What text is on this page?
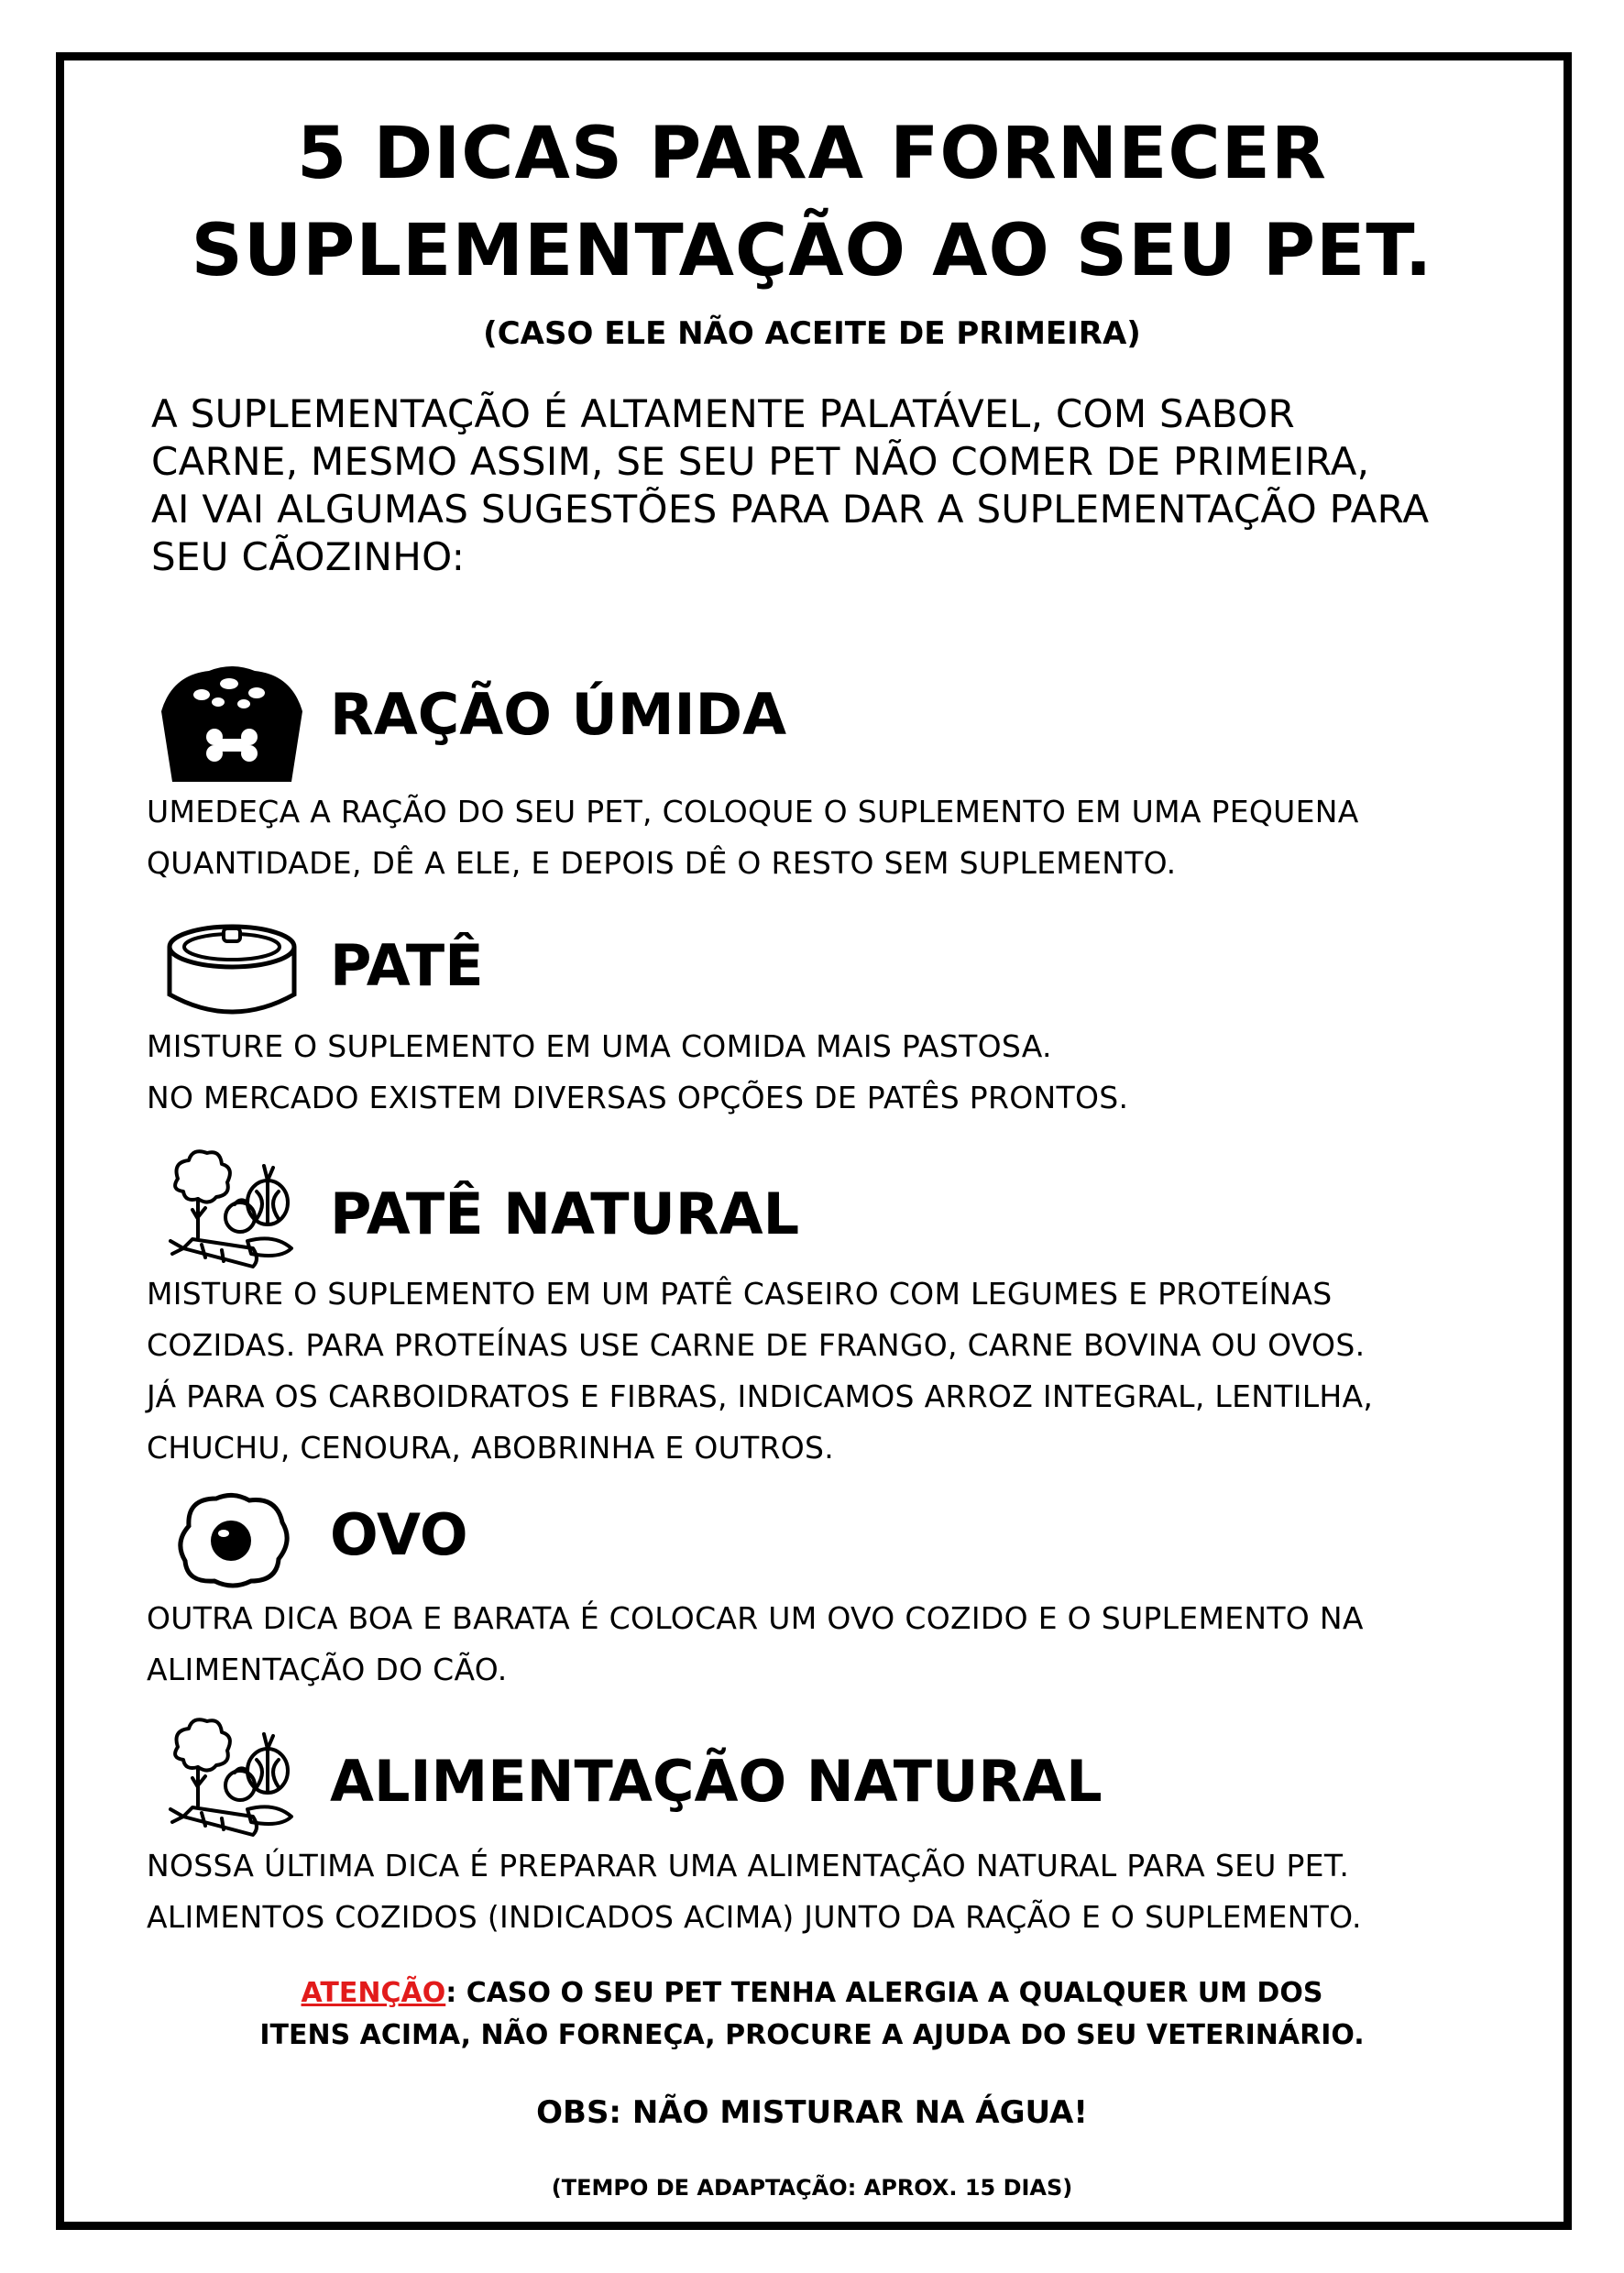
5 DICAS PARA FORNECER
SUPLEMENTAÇÃO AO SEU PET.
(CASO ELE NÃO ACEITE DE PRIMEIRA)
A SUPLEMENTAÇÃO É ALTAMENTE PALATÁVEL, COM SABOR
CARNE, MESMO ASSIM, SE SEU PET NÃO COMER DE PRIMEIRA,
AI VAI ALGUMAS SUGESTÕES PARA DAR A SUPLEMENTAÇÃO PARA
SEU CÃOZINHO:
RAÇÃO ÚMIDA
UMEDEÇA A RAÇÃO DO SEU PET, COLOQUE O SUPLEMENTO EM UMA PEQUENA
QUANTIDADE, DÊ A ELE, E DEPOIS DÊ O RESTO SEM SUPLEMENTO.
PATÊ
MISTURE O SUPLEMENTO EM UMA COMIDA MAIS PASTOSA.
NO MERCADO EXISTEM DIVERSAS OPÇÕES DE PATÊS PRONTOS.
PATÊ NATURAL
MISTURE O SUPLEMENTO EM UM PATÊ CASEIRO COM LEGUMES E PROTEÍNAS
COZIDAS. PARA PROTEÍNAS USE CARNE DE FRANGO, CARNE BOVINA OU OVOS.
JÁ PARA OS CARBOIDRATOS E FIBRAS, INDICAMOS ARROZ INTEGRAL, LENTILHA,
CHUCHU, CENOURA, ABOBRINHA E OUTROS.
OVO
OUTRA DICA BOA E BARATA É COLOCAR UM OVO COZIDO E O SUPLEMENTO NA
ALIMENTAÇÃO DO CÃO.
ALIMENTAÇÃO NATURAL
NOSSA ÚLTIMA DICA É PREPARAR UMA ALIMENTAÇÃO NATURAL PARA SEU PET.
ALIMENTOS COZIDOS (INDICADOS ACIMA) JUNTO DA RAÇÃO E O SUPLEMENTO.
ATENÇÃO: CASO O SEU PET TENHA ALERGIA A QUALQUER UM DOS
ITENS ACIMA, NÃO FORNEÇA, PROCURE A AJUDA DO SEU VETERINÁRIO.
OBS: NÃO MISTURAR NA ÁGUA!
(TEMPO DE ADAPTAÇÃO: APROX. 15 DIAS)
